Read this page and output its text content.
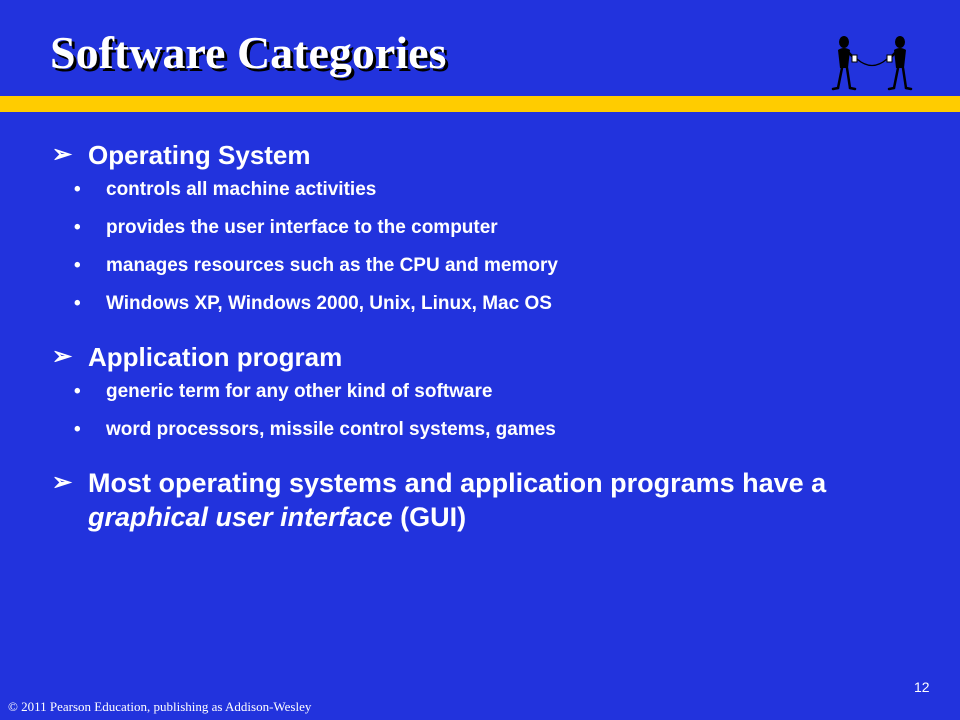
Software Categories
➢ Operating System
•	controls all machine activities
•	provides the user interface to the computer
•	manages resources such as the CPU and memory
•	Windows XP, Windows 2000, Unix, Linux, Mac OS
➢ Application program
•	generic term for any other kind of software
•	word processors, missile control systems, games
➢ Most operating systems and application programs have a graphical user interface (GUI)
12
© 2011 Pearson Education, publishing as Addison-Wesley
